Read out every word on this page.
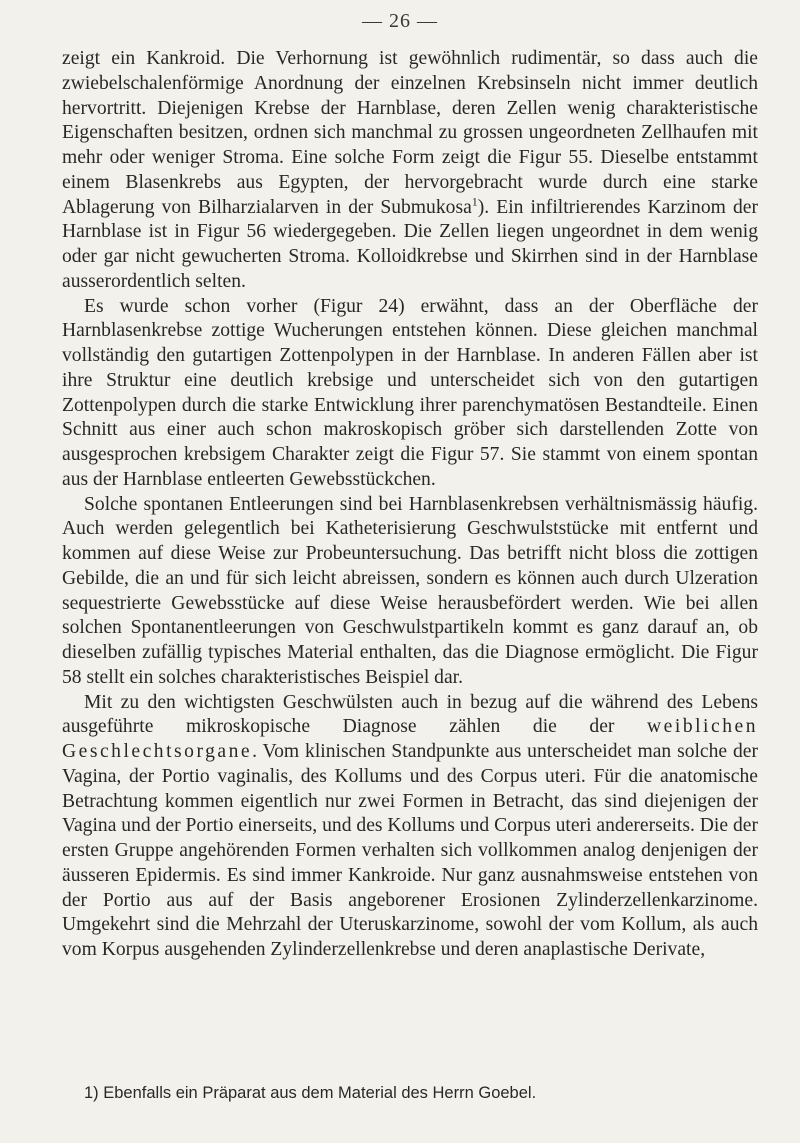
— 26 —

zeigt ein Kankroid. Die Verhornung ist gewöhnlich rudimentär, so dass auch die zwiebelschalenförmige Anordnung der einzelnen Krebsinseln nicht immer deutlich hervortritt. Diejenigen Krebse der Harnblase, deren Zellen wenig charakteristische Eigenschaften besitzen, ordnen sich manchmal zu grossen ungeordneten Zellhaufen mit mehr oder weniger Stroma. Eine solche Form zeigt die Figur 55. Dieselbe entstammt einem Blasenkrebs aus Egypten, der hervorgebracht wurde durch eine starke Ablagerung von Bilharzialarven in der Submukosa$^1$). Ein infiltrierendes Karzinom der Harnblase ist in Figur 56 wiedergegeben. Die Zellen liegen ungeordnet in dem wenig oder gar nicht gewucherten Stroma. Kolloidkrebse und Skirrhen sind in der Harnblase ausserordentlich selten.

Es wurde schon vorher (Figur 24) erwähnt, dass an der Oberfläche der Harnblasenkrebse zottige Wucherungen entstehen können. Diese gleichen manchmal vollständig den gutartigen Zottenpolypen in der Harnblase. In anderen Fällen aber ist ihre Struktur eine deutlich krebsige und unterscheidet sich von den gutartigen Zottenpolypen durch die starke Entwicklung ihrer parenchymatösen Bestandteile. Einen Schnitt aus einer auch schon makroskopisch gröber sich darstellenden Zotte von ausgesprochen krebsigem Charakter zeigt die Figur 57. Sie stammt von einem spontan aus der Harnblase entleerten Gewebsstückchen.

Solche spontanen Entleerungen sind bei Harnblasenkrebsen verhältnismässig häufig. Auch werden gelegentlich bei Katheterisierung Geschwulststücke mit entfernt und kommen auf diese Weise zur Probeuntersuchung. Das betrifft nicht bloss die zottigen Gebilde, die an und für sich leicht abreissen, sondern es können auch durch Ulzeration sequestrierte Gewebsstücke auf diese Weise herausbefördert werden. Wie bei allen solchen Spontanentleerungen von Geschwulstpartikeln kommt es ganz darauf an, ob dieselben zufällig typisches Material enthalten, das die Diagnose ermöglicht. Die Figur 58 stellt ein solches charakteristisches Beispiel dar.

Mit zu den wichtigsten Geschwülsten auch in bezug auf die während des Lebens ausgeführte mikroskopische Diagnose zählen die der weiblichen Geschlechtsorgane. Vom klinischen Standpunkte aus unterscheidet man solche der Vagina, der Portio vaginalis, des Kollums und des Corpus uteri. Für die anatomische Betrachtung kommen eigentlich nur zwei Formen in Betracht, das sind diejenigen der Vagina und der Portio einerseits, und des Kollums und Corpus uteri andererseits. Die der ersten Gruppe angehörenden Formen verhalten sich vollkommen analog denjenigen der äusseren Epidermis. Es sind immer Kankroide. Nur ganz ausnahmsweise entstehen von der Portio aus auf der Basis angeborener Erosionen Zylinderzellenkarzinome. Umgekehrt sind die Mehrzahl der Uteruskarzinome, sowohl der vom Kollum, als auch vom Korpus ausgehenden Zylinderzellenkrebse und deren anaplastische Derivate,

1) Ebenfalls ein Präparat aus dem Material des Herrn Goebel.
